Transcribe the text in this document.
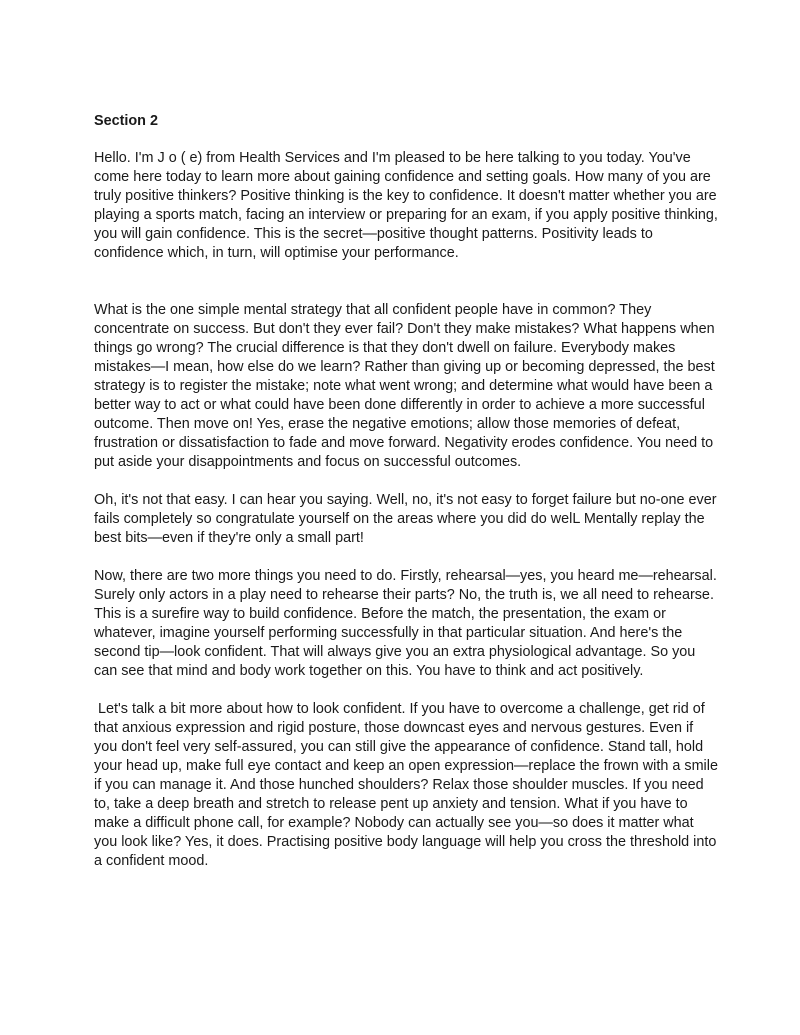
Section 2

Hello. I'm J o ( e) from Health Services and I'm pleased to be here talking to you today. You've come here today to learn more about gaining confidence and setting goals. How many of you are truly positive thinkers? Positive thinking is the key to confidence. It doesn't matter whether you are playing a sports match, facing an interview or preparing for an exam, if you apply positive thinking, you will gain confidence. This is the secret—positive thought patterns. Positivity leads to confidence which, in turn, will optimise your performance.

What is the one simple mental strategy that all confident people have in common? They concentrate on success. But don't they ever fail? Don't they make mistakes? What happens when things go wrong? The crucial difference is that they don't dwell on failure. Everybody makes mistakes—I mean, how else do we learn? Rather than giving up or becoming depressed, the best strategy is to register the mistake; note what went wrong; and determine what would have been a better way to act or what could have been done differently in order to achieve a more successful outcome. Then move on! Yes, erase the negative emotions; allow those memories of defeat, frustration or dissatisfaction to fade and move forward. Negativity erodes confidence. You need to put aside your disappointments and focus on successful outcomes.

Oh, it's not that easy. I can hear you saying. Well, no, it's not easy to forget failure but no-one ever fails completely so congratulate yourself on the areas where you did do welL Mentally replay the best bits—even if they're only a small part!

Now, there are two more things you need to do. Firstly, rehearsal—yes, you heard me—rehearsal. Surely only actors in a play need to rehearse their parts? No, the truth is, we all need to rehearse. This is a surefire way to build confidence. Before the match, the presentation, the exam or whatever, imagine yourself performing successfully in that particular situation. And here's the second tip—look confident. That will always give you an extra physiological advantage. So you can see that mind and body work together on this. You have to think and act positively.

Let's talk a bit more about how to look confident. If you have to overcome a challenge, get rid of that anxious expression and rigid posture, those downcast eyes and nervous gestures. Even if you don't feel very self-assured, you can still give the appearance of confidence. Stand tall, hold your head up, make full eye contact and keep an open expression—replace the frown with a smile if you can manage it. And those hunched shoulders? Relax those shoulder muscles. If you need to, take a deep breath and stretch to release pent up anxiety and tension. What if you have to make a difficult phone call, for example? Nobody can actually see you—so does it matter what you look like? Yes, it does. Practising positive body language will help you cross the threshold into a confident mood.
